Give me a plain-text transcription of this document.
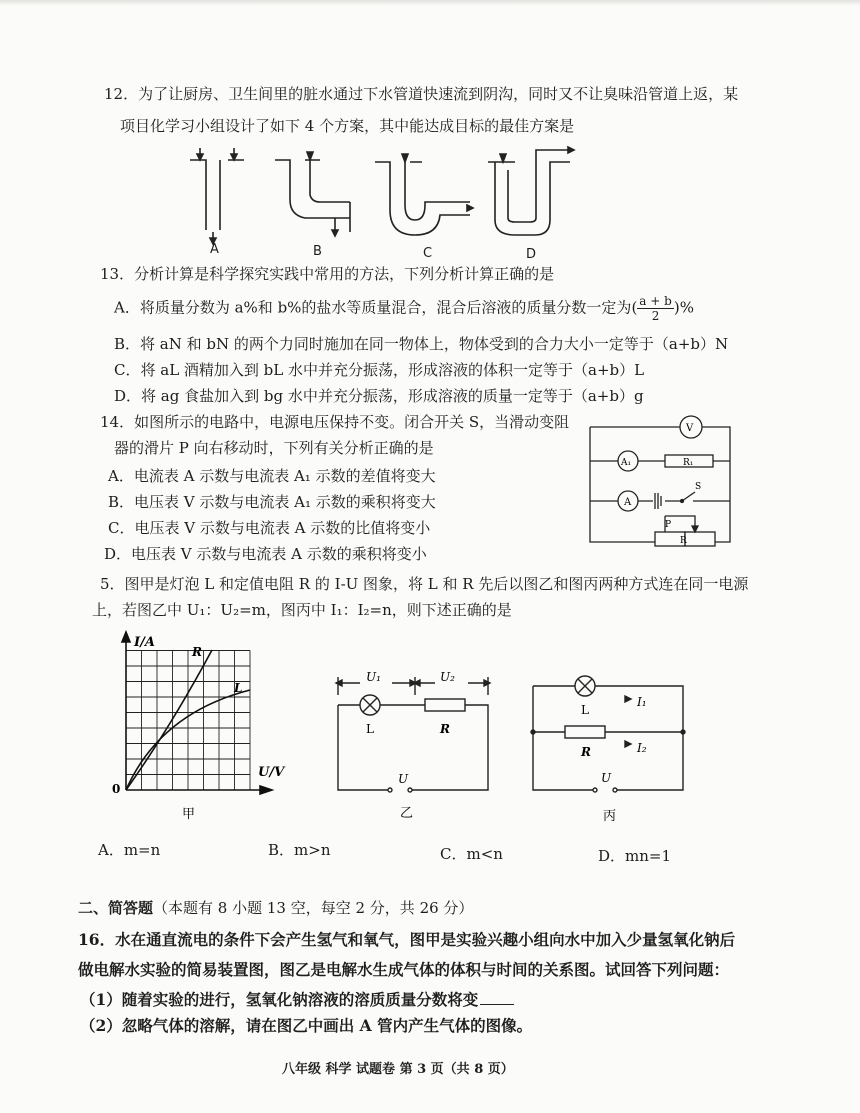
12．为了让厨房、卫生间里的脏水通过下水管道快速流到阴沟，同时又不让臭味沿管道上返，某
项目化学习小组设计了如下 4 个方案，其中能达成目标的最佳方案是
A	B	C	D
13．分析计算是科学探究实践中常用的方法，下列分析计算正确的是
A．将质量分数为 a%和 b%的盐水等质量混合，混合后溶液的质量分数一定为( $\frac{a + b}{2}$ )%
B．将 aN 和 bN 的两个力同时施加在同一物体上，物体受到的合力大小一定等于（a+b）N
C．将 aL 酒精加入到 bL 水中并充分振荡，形成溶液的体积一定等于（a+b）L
D．将 ag 食盐加入到 bg 水中并充分振荡，形成溶液的质量一定等于（a+b）g
14．如图所示的电路中，电源电压保持不变。闭合开关 S，当滑动变阻
器的滑片 P 向右移动时，下列有关分析正确的是
A．电流表 A 示数与电流表 A₁ 示数的差值将变大
B．电压表 V 示数与电流表 A₁ 示数的乘积将变大
C．电压表 V 示数与电流表 A 示数的比值将变小
D．电压表 V 示数与电流表 A 示数的乘积将变小
V
A₁	R₁
A
S
P
R
5．图甲是灯泡 L 和定值电阻 R 的 I-U 图象，将 L 和 R 先后以图乙和图丙两种方式连在同一电源
上，若图乙中 U₁：U₂=m，图丙中 I₁：I₂=n，则下述正确的是
I/A
U/V
0
R
L
甲
U₁	U₂
L	R
U
乙
L
I₁
R	I₂
U
丙
A．m=n	B．m>n	C．m<n	D．mn=1
二、简答题（本题有 8 小题 13 空，每空 2 分，共 26 分）
16．水在通直流电的条件下会产生氢气和氧气，图甲是实验兴趣小组向水中加入少量氢氧化钠后
做电解水实验的简易装置图，图乙是电解水生成气体的体积与时间的关系图。试回答下列问题：
（1）随着实验的进行，氢氧化钠溶液的溶质质量分数将变
（2）忽略气体的溶解，请在图乙中画出 A 管内产生气体的图像。
八年级 科学 试题卷 第 3 页（共 8 页）
